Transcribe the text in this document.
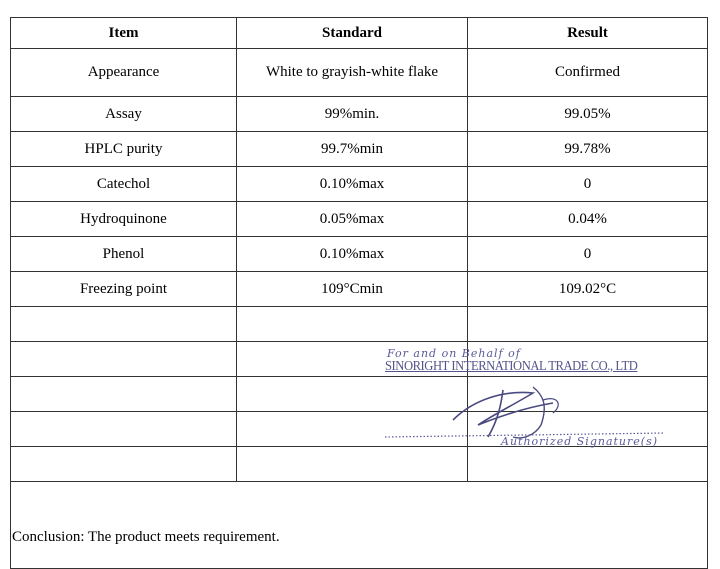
Item	Standard	Result
Appearance	White to grayish-white flake	Confirmed
Assay	99%min.	99.05%
HPLC purity	99.7%min	99.78%
Catechol	0.10%max	0
Hydroquinone	0.05%max	0.04%
Phenol	0.10%max	0
Freezing point	109°Cmin	109.02°C

Conclusion: The product meets requirement.		
For and on Behalf of
SINORIGHT INTERNATIONAL TRADE CO., LTD
Authorized Signature(s)
